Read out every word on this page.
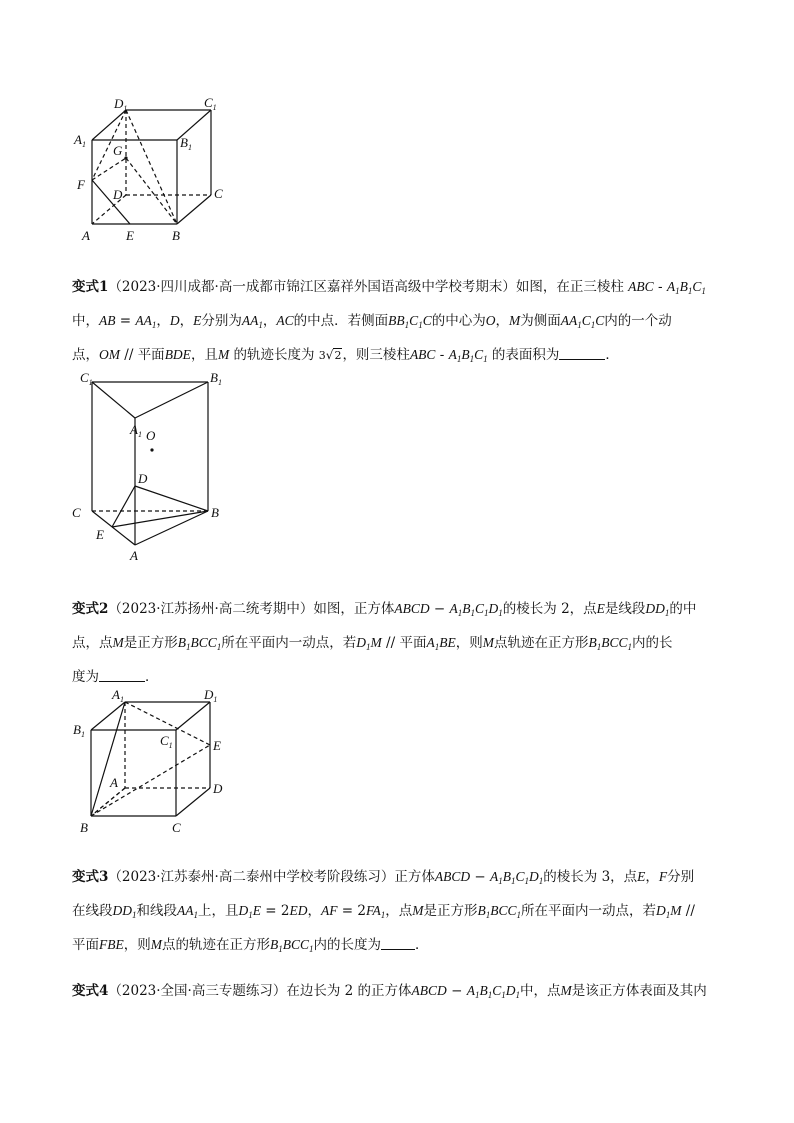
$D_1$	$C_1$
$A_1$	$B_1$
G
F
D	C
A	E	B
变式1（2023·四川成都·高一成都市锦江区嘉祥外国语高级中学校考期末）如图，在正三棱柱 ABC - $A_1B_1C_1$
中，AB = $AA_1$，D，E分别为$AA_1$，AC的中点．若侧面$BB_1C_1C$的中心为O，M为侧面$AA_1C_1C$内的一个动
点，OM // 平面BDE，且M 的轨迹长度为 3√2，则三棱柱ABC - $A_1B_1C_1$ 的表面积为	．
$C_1$	$B_1$
$A_1$ O
D
C	B
E
A
变式2（2023·江苏扬州·高二统考期中）如图，正方体ABCD − $A_1B_1C_1D_1$的棱长为 2，点E是线段$DD_1$的中
点，点M是正方形$B_1BCC_1$所在平面内一动点，若$D_1M$ // 平面$A_1BE$，则M点轨迹在正方形$B_1BCC_1$内的长
度为	．
$A_1$	$D_1$
$B_1$	$C_1$	E
A	D
B	C
变式3（2023·江苏泰州·高二泰州中学校考阶段练习）正方体ABCD − $A_1B_1C_1D_1$的棱长为 3，点E，F分别
在线段$DD_1$和线段$AA_1$上，且$D_1E = 2ED$，AF = $2FA_1$，点M是正方形$B_1BCC_1$所在平面内一动点，若$D_1M$ //
平面FBE，则M点的轨迹在正方形$B_1BCC_1$内的长度为	．
变式4（2023·全国·高三专题练习）在边长为 2 的正方体ABCD − $A_1B_1C_1D_1$中，点M是该正方体表面及其内
